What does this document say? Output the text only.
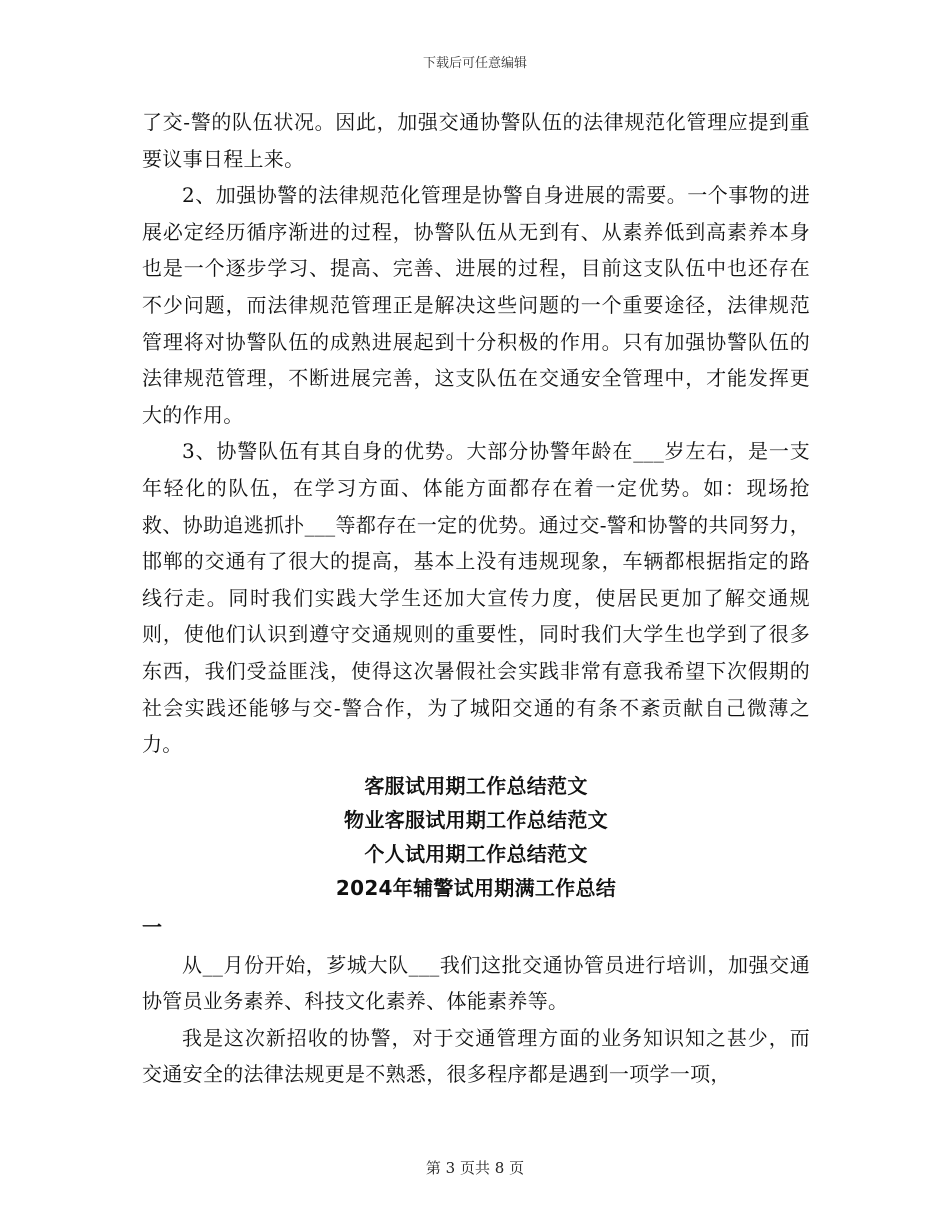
下载后可任意编辑

了交-警的队伍状况。因此，加强交通协警队伍的法律规范化管理应提到重要议事日程上来。

2、加强协警的法律规范化管理是协警自身进展的需要。一个事物的进展必定经历循序渐进的过程，协警队伍从无到有、从素养低到高素养本身也是一个逐步学习、提高、完善、进展的过程，目前这支队伍中也还存在不少问题，而法律规范管理正是解决这些问题的一个重要途径，法律规范管理将对协警队伍的成熟进展起到十分积极的作用。只有加强协警队伍的法律规范管理，不断进展完善，这支队伍在交通安全管理中，才能发挥更大的作用。

3、协警队伍有其自身的优势。大部分协警年龄在___岁左右，是一支年轻化的队伍，在学习方面、体能方面都存在着一定优势。如：现场抢救、协助追逃抓扑___等都存在一定的优势。通过交-警和协警的共同努力，邯郸的交通有了很大的提高，基本上没有违规现象，车辆都根据指定的路线行走。同时我们实践大学生还加大宣传力度，使居民更加了解交通规则，使他们认识到遵守交通规则的重要性，同时我们大学生也学到了很多东西，我们受益匪浅，使得这次暑假社会实践非常有意我希望下次假期的社会实践还能够与交-警合作，为了城阳交通的有条不紊贡献自己微薄之力。

客服试用期工作总结范文

物业客服试用期工作总结范文

个人试用期工作总结范文

2024年辅警试用期满工作总结

一

从__月份开始，芗城大队___我们这批交通协管员进行培训，加强交通协管员业务素养、科技文化素养、体能素养等。

我是这次新招收的协警，对于交通管理方面的业务知识知之甚少，而交通安全的法律法规更是不熟悉，很多程序都是遇到一项学一项，

第 3 页共 8 页
